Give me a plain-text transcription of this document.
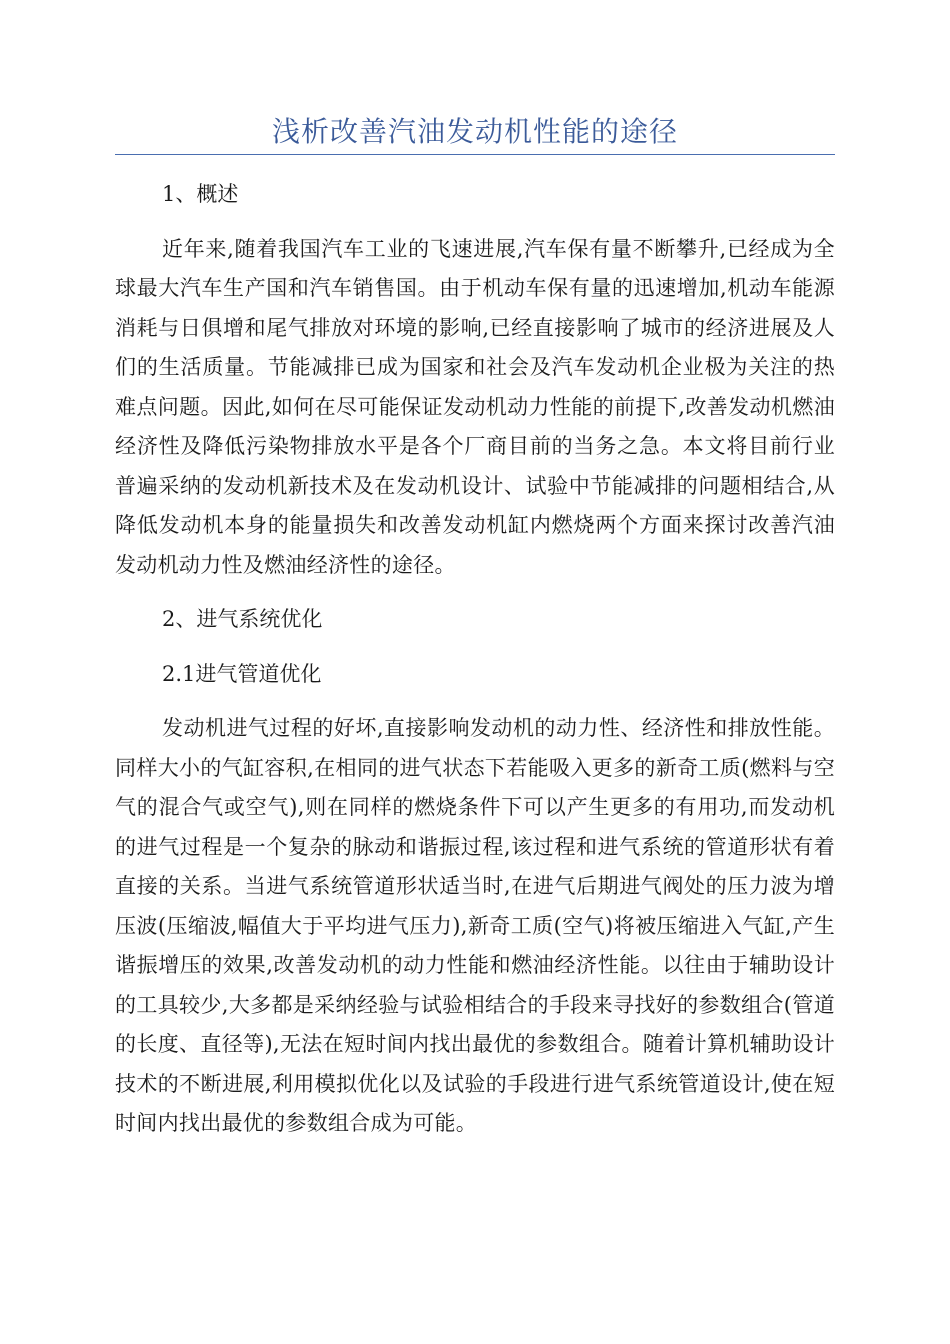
浅析改善汽油发动机性能的途径
1、概述

近年来,随着我国汽车工业的飞速进展,汽车保有量不断攀升,已经成为全球最大汽车生产国和汽车销售国。由于机动车保有量的迅速增加,机动车能源消耗与日俱增和尾气排放对环境的影响,已经直接影响了城市的经济进展及人们的生活质量。节能减排已成为国家和社会及汽车发动机企业极为关注的热难点问题。因此,如何在尽可能保证发动机动力性能的前提下,改善发动机燃油经济性及降低污染物排放水平是各个厂商目前的当务之急。本文将目前行业普遍采纳的发动机新技术及在发动机设计、试验中节能减排的问题相结合,从降低发动机本身的能量损失和改善发动机缸内燃烧两个方面来探讨改善汽油发动机动力性及燃油经济性的途径。

2、进气系统优化
2.1进气管道优化

发动机进气过程的好坏,直接影响发动机的动力性、经济性和排放性能。同样大小的气缸容积,在相同的进气状态下若能吸入更多的新奇工质(燃料与空气的混合气或空气),则在同样的燃烧条件下可以产生更多的有用功,而发动机的进气过程是一个复杂的脉动和谐振过程,该过程和进气系统的管道形状有着直接的关系。当进气系统管道形状适当时,在进气后期进气阀处的压力波为增压波(压缩波,幅值大于平均进气压力),新奇工质(空气)将被压缩进入气缸,产生谐振增压的效果,改善发动机的动力性能和燃油经济性能。以往由于辅助设计的工具较少,大多都是采纳经验与试验相结合的手段来寻找好的参数组合(管道的长度、直径等),无法在短时间内找出最优的参数组合。随着计算机辅助设计技术的不断进展,利用模拟优化以及试验的手段进行进气系统管道设计,使在短时间内找出最优的参数组合成为可能。
